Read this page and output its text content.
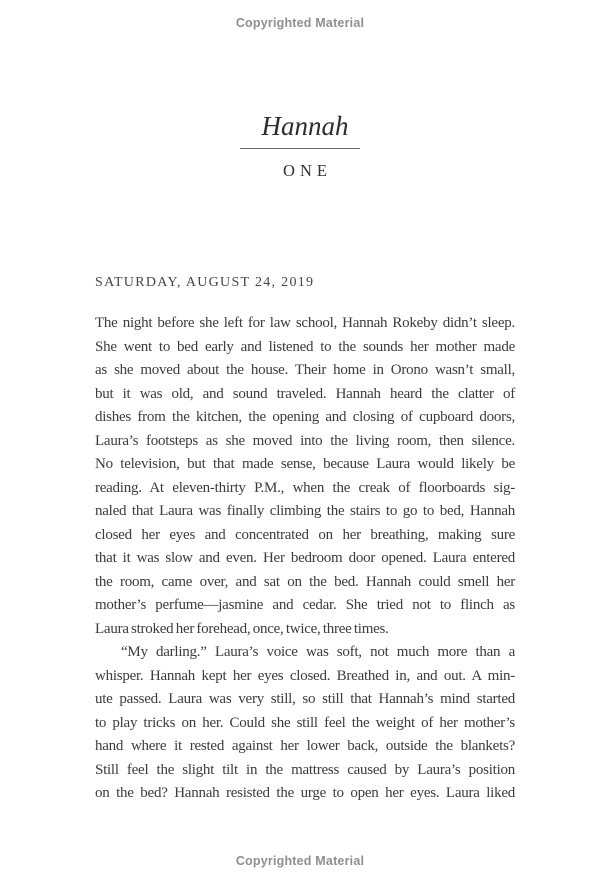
Copyrighted Material
Hannah
ONE
SATURDAY, AUGUST 24, 2019
The night before she left for law school, Hannah Rokeby didn’t sleep.
She went to bed early and listened to the sounds her mother made
as she moved about the house. Their home in Orono wasn’t small,
but it was old, and sound traveled. Hannah heard the clatter of
dishes from the kitchen, the opening and closing of cupboard doors,
Laura’s footsteps as she moved into the living room, then silence.
No television, but that made sense, because Laura would likely be
reading. At eleven-thirty P.M., when the creak of floorboards sig-
naled that Laura was finally climbing the stairs to go to bed, Hannah
closed her eyes and concentrated on her breathing, making sure
that it was slow and even. Her bedroom door opened. Laura entered
the room, came over, and sat on the bed. Hannah could smell her
mother’s perfume—jasmine and cedar. She tried not to flinch as
Laura stroked her forehead, once, twice, three times.
“My darling.” Laura’s voice was soft, not much more than a
whisper. Hannah kept her eyes closed. Breathed in, and out. A min-
ute passed. Laura was very still, so still that Hannah’s mind started
to play tricks on her. Could she still feel the weight of her mother’s
hand where it rested against her lower back, outside the blankets?
Still feel the slight tilt in the mattress caused by Laura’s position
on the bed? Hannah resisted the urge to open her eyes. Laura liked
Copyrighted Material
